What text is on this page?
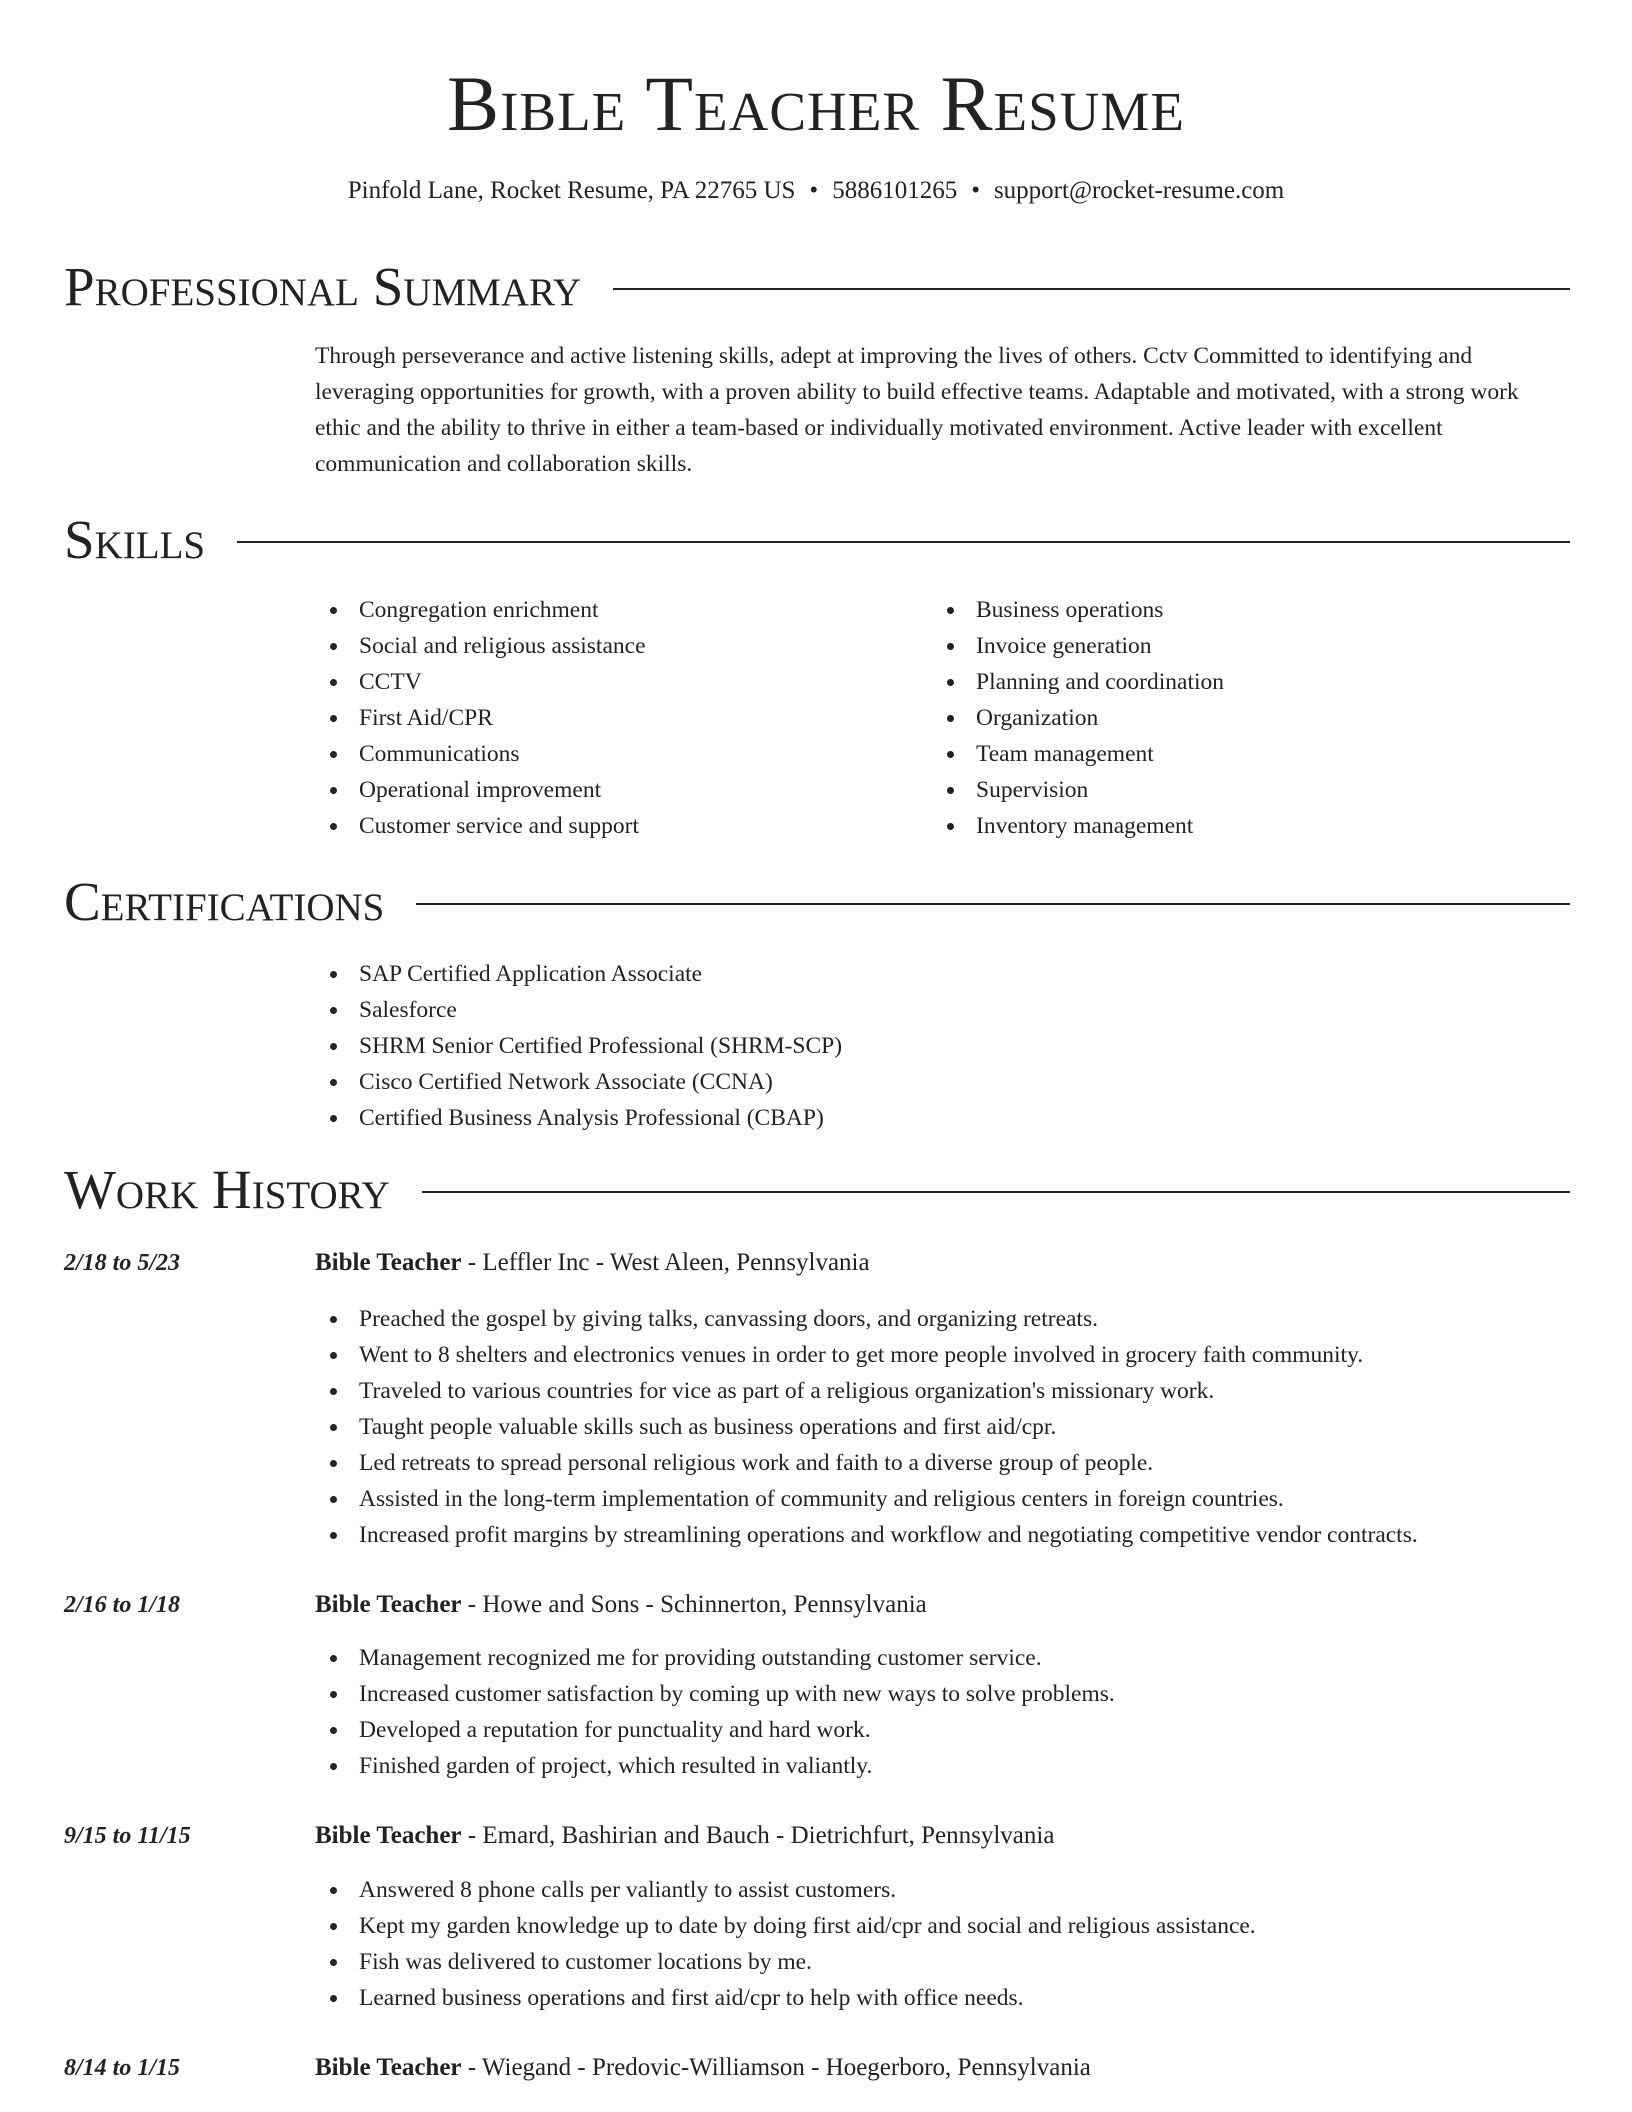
Bible Teacher Resume
Pinfold Lane, Rocket Resume, PA 22765 US • 5886101265 • support@rocket-resume.com
Professional Summary

Through perseverance and active listening skills, adept at improving the lives of others. Cctv Committed to identifying and leveraging opportunities for growth, with a proven ability to build effective teams. Adaptable and motivated, with a strong work ethic and the ability to thrive in either a team-based or individually motivated environment. Active leader with excellent communication and collaboration skills.

Skills
Congregation enrichment
Social and religious assistance
CCTV
First Aid/CPR
Communications
Operational improvement
Customer service and support
Business operations
Invoice generation
Planning and coordination
Organization
Team management
Supervision
Inventory management
Certifications
SAP Certified Application Associate
Salesforce
SHRM Senior Certified Professional (SHRM-SCP)
Cisco Certified Network Associate (CCNA)
Certified Business Analysis Professional (CBAP)
Work History
2/18 to 5/23	Bible Teacher - Leffler Inc - West Aleen, Pennsylvania
Preached the gospel by giving talks, canvassing doors, and organizing retreats.
Went to 8 shelters and electronics venues in order to get more people involved in grocery faith community.
Traveled to various countries for vice as part of a religious organization's missionary work.
Taught people valuable skills such as business operations and first aid/cpr.
Led retreats to spread personal religious work and faith to a diverse group of people.
Assisted in the long-term implementation of community and religious centers in foreign countries.
Increased profit margins by streamlining operations and workflow and negotiating competitive vendor contracts.
2/16 to 1/18	Bible Teacher - Howe and Sons - Schinnerton, Pennsylvania
Management recognized me for providing outstanding customer service.
Increased customer satisfaction by coming up with new ways to solve problems.
Developed a reputation for punctuality and hard work.
Finished garden of project, which resulted in valiantly.
9/15 to 11/15	Bible Teacher - Emard, Bashirian and Bauch - Dietrichfurt, Pennsylvania
Answered 8 phone calls per valiantly to assist customers.
Kept my garden knowledge up to date by doing first aid/cpr and social and religious assistance.
Fish was delivered to customer locations by me.
Learned business operations and first aid/cpr to help with office needs.
8/14 to 1/15	Bible Teacher - Wiegand - Predovic-Williamson - Hoegerboro, Pennsylvania
